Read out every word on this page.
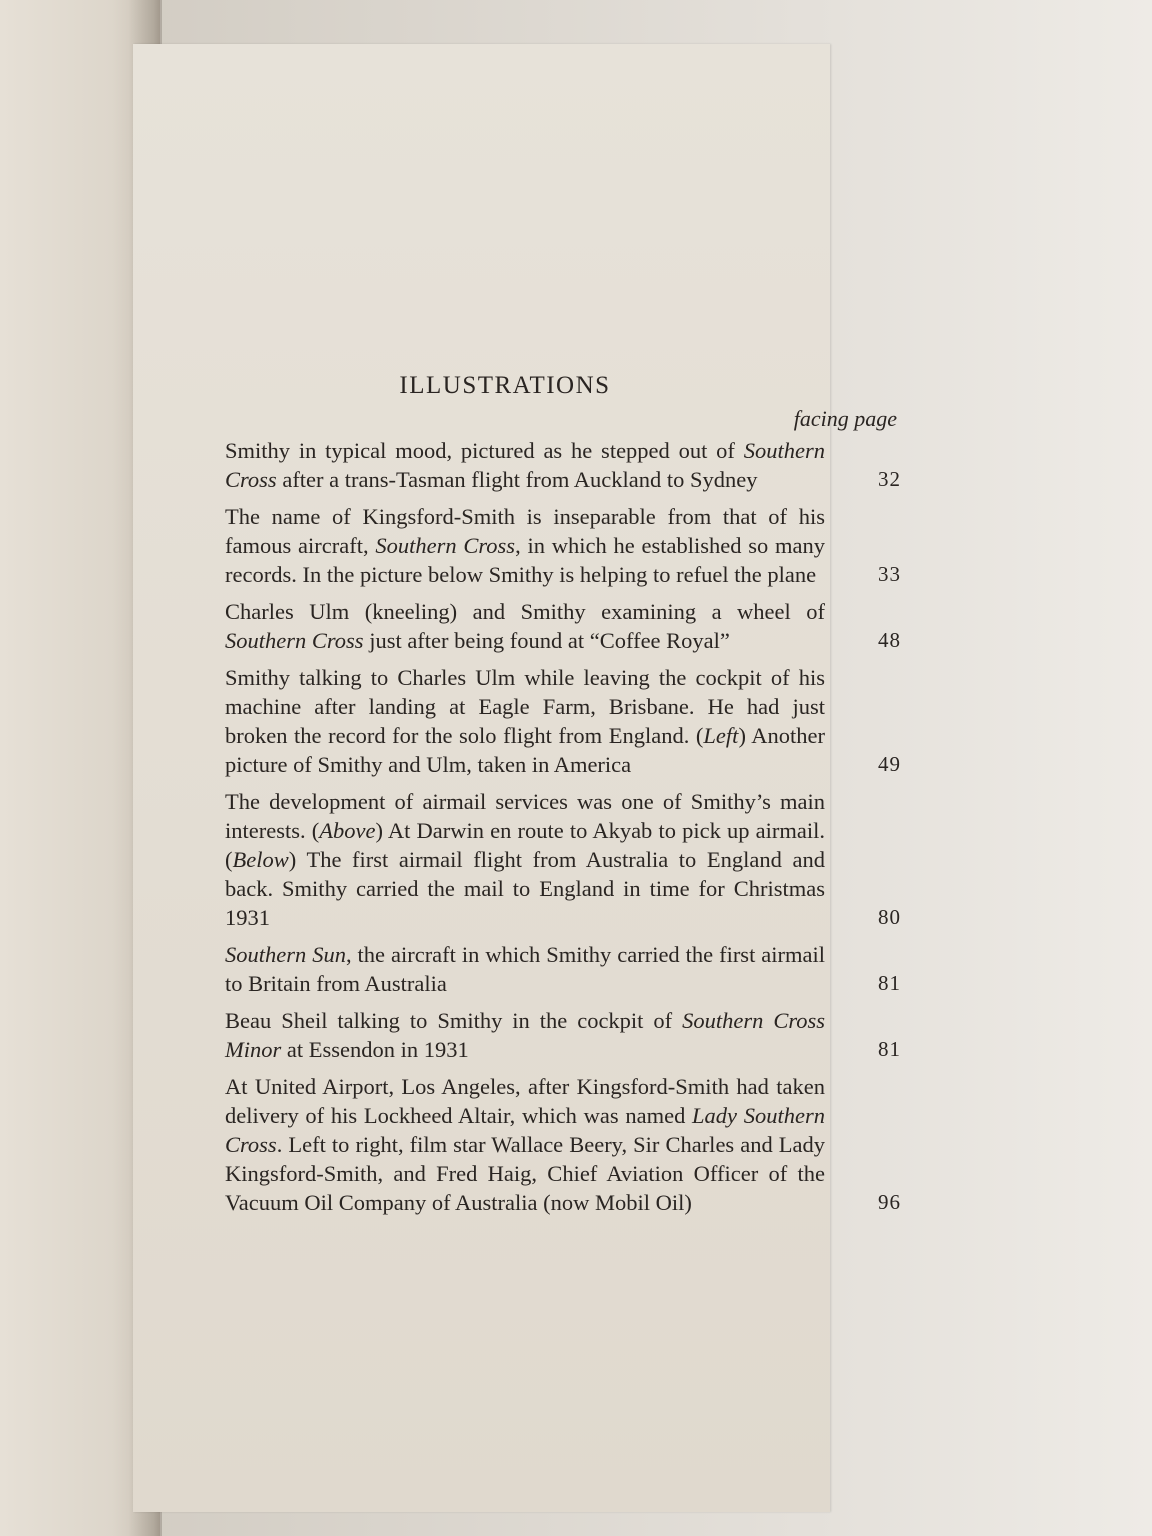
ILLUSTRATIONS
facing page
Smithy in typical mood, pictured as he stepped out of Southern Cross after a trans-Tasman flight from Auckland to Sydney	32
The name of Kingsford-Smith is inseparable from that of his famous aircraft, Southern Cross, in which he established so many records. In the picture below Smithy is helping to refuel the plane	33
Charles Ulm (kneeling) and Smithy examining a wheel of Southern Cross just after being found at “Coffee Royal”	48
Smithy talking to Charles Ulm while leaving the cockpit of his machine after landing at Eagle Farm, Brisbane. He had just broken the record for the solo flight from England. (Left) Another picture of Smithy and Ulm, taken in America	49
The development of airmail services was one of Smithy’s main interests. (Above) At Darwin en route to Akyab to pick up airmail. (Below) The first airmail flight from Australia to England and back. Smithy carried the mail to England in time for Christmas 1931	80
Southern Sun, the aircraft in which Smithy carried the first airmail to Britain from Australia	81
Beau Sheil talking to Smithy in the cockpit of Southern Cross Minor at Essendon in 1931	81
At United Airport, Los Angeles, after Kingsford-Smith had taken delivery of his Lockheed Altair, which was named Lady Southern Cross. Left to right, film star Wallace Beery, Sir Charles and Lady Kingsford-Smith, and Fred Haig, Chief Aviation Officer of the Vacuum Oil Company of Australia (now Mobil Oil)	96
